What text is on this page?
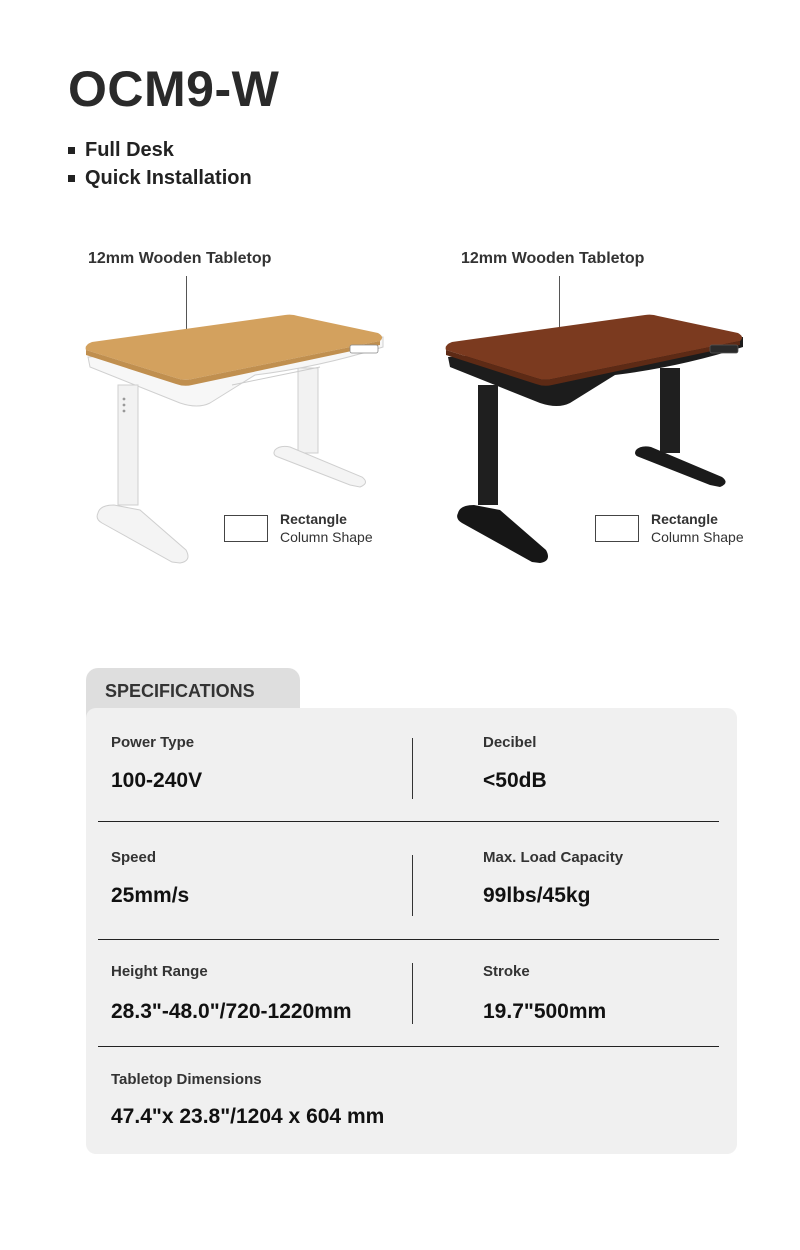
OCM9-W
Full Desk
Quick Installation
12mm Wooden Tabletop
Rectangle
Column Shape
12mm Wooden Tabletop
Rectangle
Column Shape
SPECIFICATIONS
Power Type
100-240V
Decibel
<50dB
Speed
25mm/s
Max. Load Capacity
99lbs/45kg
Height Range
28.3"-48.0"/720-1220mm
Stroke
19.7"500mm
Tabletop Dimensions
47.4"x 23.8"/1204 x 604 mm
